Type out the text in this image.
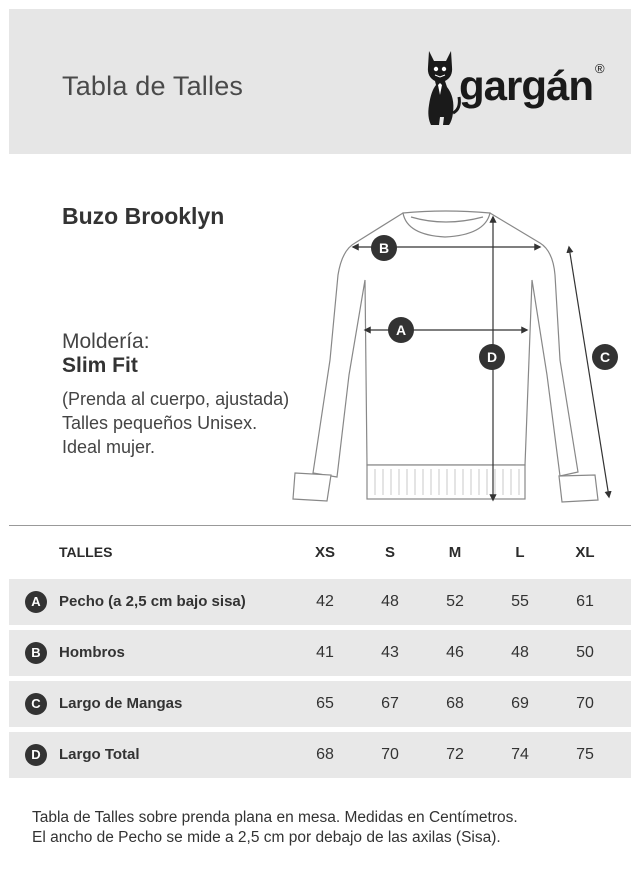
Tabla de Talles	gargán ®
Buzo Brooklyn
Moldería:
Slim Fit
(Prenda al cuerpo, ajustada) Talles pequeños Unisex. Ideal mujer.
B
A
D	C
TALLES	XS	S	M	L	XL
A	Pecho (a 2,5 cm bajo sisa)	42	48	52	55	61
B	Hombros	41	43	46	48	50
C	Largo de Mangas	65	67	68	69	70
D	Largo Total	68	70	72	74	75
Tabla de Talles sobre prenda plana en mesa. Medidas en Centímetros.
El ancho de Pecho se mide a 2,5 cm por debajo de las axilas (Sisa).
